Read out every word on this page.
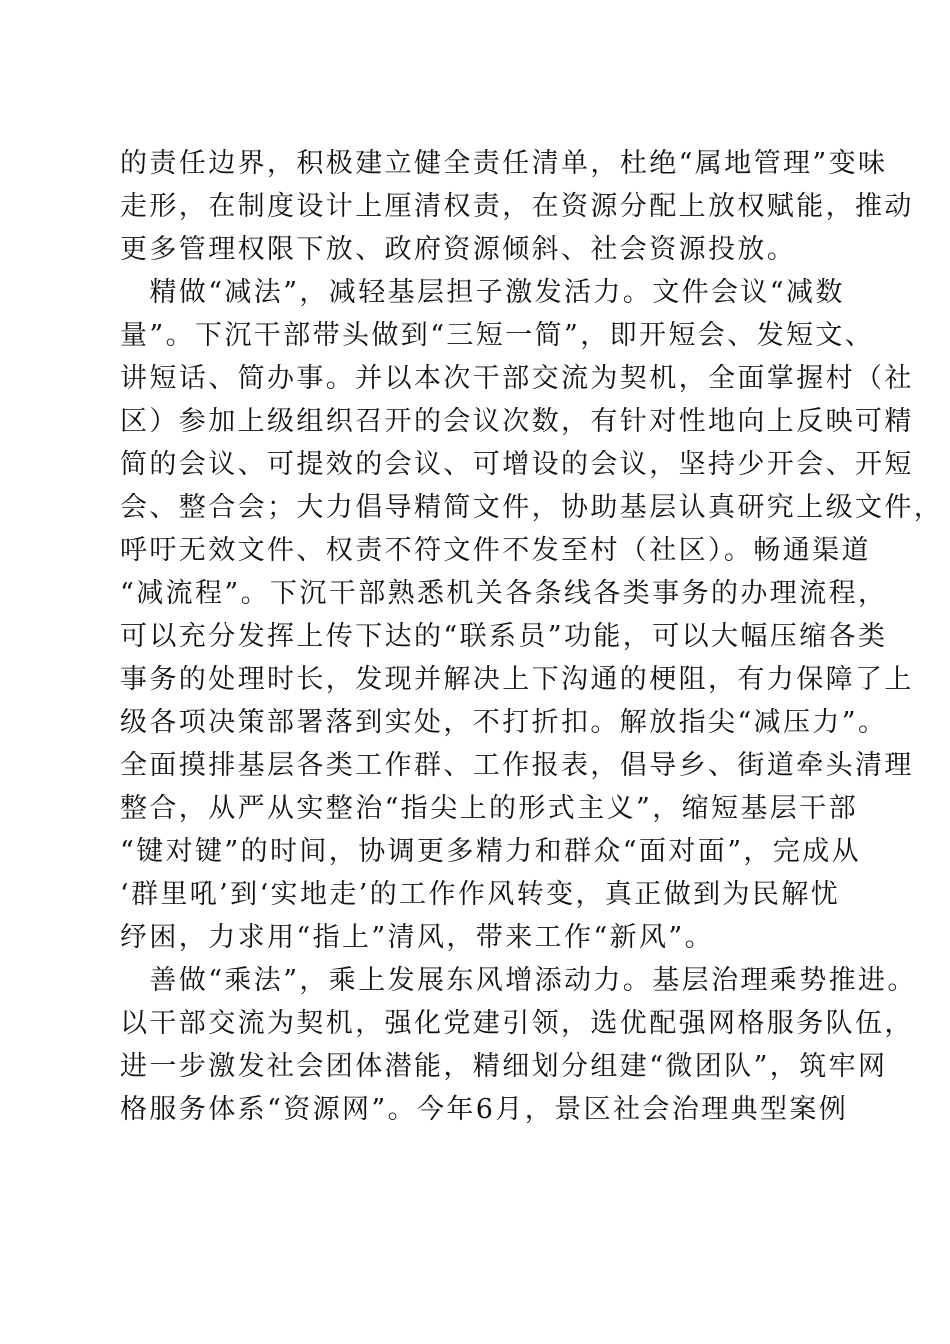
的责任边界，积极建立健全责任清单，杜绝“属地管理”变味
走形，在制度设计上厘清权责，在资源分配上放权赋能，推动
更多管理权限下放、政府资源倾斜、社会资源投放。
　精做“减法”，减轻基层担子激发活力。文件会议“减数
量”。下沉干部带头做到“三短一简”，即开短会、发短文、
讲短话、简办事。并以本次干部交流为契机，全面掌握村（社
区）参加上级组织召开的会议次数，有针对性地向上反映可精
简的会议、可提效的会议、可增设的会议，坚持少开会、开短
会、整合会；大力倡导精简文件，协助基层认真研究上级文件，
呼吁无效文件、权责不符文件不发至村（社区）。畅通渠道
“减流程”。下沉干部熟悉机关各条线各类事务的办理流程，
可以充分发挥上传下达的“联系员”功能，可以大幅压缩各类
事务的处理时长，发现并解决上下沟通的梗阻，有力保障了上
级各项决策部署落到实处，不打折扣。解放指尖“减压力”。
全面摸排基层各类工作群、工作报表，倡导乡、街道牵头清理
整合，从严从实整治“指尖上的形式主义”，缩短基层干部
“键对键”的时间，协调更多精力和群众“面对面”，完成从
‘群里吼’到‘实地走’的工作作风转变，真正做到为民解忧
纾困，力求用“指上”清风，带来工作“新风”。
　善做“乘法”，乘上发展东风增添动力。基层治理乘势推进。
以干部交流为契机，强化党建引领，选优配强网格服务队伍，
进一步激发社会团体潜能，精细划分组建“微团队”，筑牢网
格服务体系“资源网”。今年6月，景区社会治理典型案例
